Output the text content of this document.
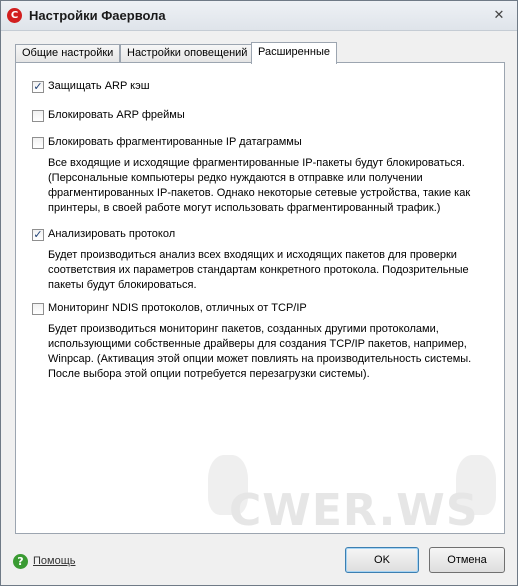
C Настройки Фаервола	✕
Общие настройки	Настройки оповещений Расширенные
✓ Защищать ARP кэш
Блокировать ARP фреймы
Блокировать фрагментированные IP датаграммы
Все входящие и исходящие фрагментированные IP-пакеты будут блокироваться.
(Персональные компьютеры редко нуждаются в отправке или получении
фрагментированных IP-пакетов. Однако некоторые сетевые устройства, такие как
принтеры, в своей работе могут использовать фрагментированный трафик.)
✓ Анализировать протокол
Будет производиться анализ всех входящих и исходящих пакетов для проверки
соответствия их параметров стандартам конкретного протокола. Подозрительные
пакеты будут блокироваться.
Мониторинг NDIS протоколов, отличных от TCP/IP
Будет производиться мониторинг пакетов, созданных другими протоколами,
использующими собственные драйверы для создания TCP/IP пакетов, например,
Winpcap. (Активация этой опции может повлиять на производительность системы.
После выбора этой опции потребуется перезагрузки системы).
CWER.WS
? Помощь	OK	Отмена
